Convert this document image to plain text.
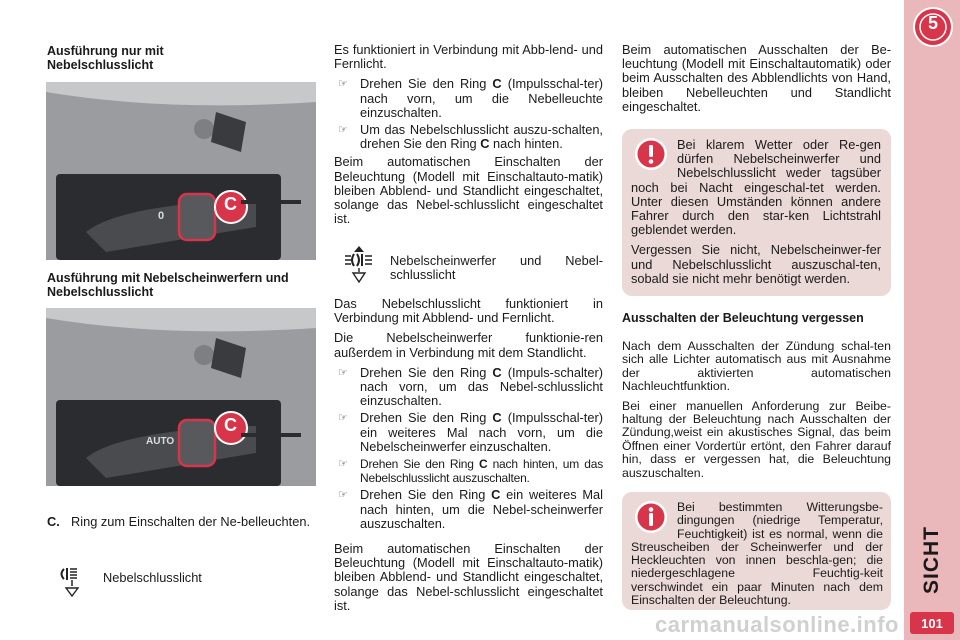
Ausführung nur mit Nebelschlusslicht
C
0
Ausführung mit Nebelscheinwerfern und Nebelschlusslicht
C
AUTO
C. Ring zum Einschalten der Ne-belleuchten.
Nebelschlusslicht

Es funktioniert in Verbindung mit Abb-lend- und Fernlicht.

☞ Drehen Sie den Ring C (Impulsschal-ter) nach vorn, um die Nebelleuchte einzuschalten.
☞ Um das Nebelschlusslicht auszu-schalten, drehen Sie den Ring C nach hinten.

Beim automatischen Einschalten der Beleuchtung (Modell mit Einschaltauto-matik) bleiben Abblend- und Standlicht eingeschaltet, solange das Nebel-schlusslicht eingeschaltet ist.

Nebelscheinwerfer und Nebel-schlusslicht

Das Nebelschlusslicht funktioniert in Verbindung mit Abblend- und Fernlicht.

Die Nebelscheinwerfer funktionie-ren außerdem in Verbindung mit dem Standlicht.

☞ Drehen Sie den Ring C (Impuls-schalter) nach vorn, um das Nebel-schlusslicht einzuschalten.
☞ Drehen Sie den Ring C (Impulsschal-ter) ein weiteres Mal nach vorn, um die Nebelscheinwerfer einzuschalten.
☞	Drehen Sie den Ring C nach hinten, um das Nebelschlusslicht auszuschalten.
☞ Drehen Sie den Ring C ein weiteres Mal nach hinten, um die Nebel-scheinwerfer auszuschalten.
Beim automatischen Einschalten der Beleuchtung (Modell mit Einschaltauto-matik) bleiben Abblend- und Standlicht eingeschaltet, solange das Nebel-schlusslicht eingeschaltet ist.
Beim automatischen Ausschalten der Be-leuchtung (Modell mit Einschaltautomatik) oder beim Ausschalten des Abblendlichts von Hand, bleiben Nebelleuchten und Standlicht eingeschaltet.

Bei klarem Wetter oder Re-gen dürfen Nebelscheinwerfer und Nebelschlusslicht weder tagsüber noch bei Nacht eingeschal-tet werden. Unter diesen Umständen können andere Fahrer durch den star-ken Lichtstrahl geblendet werden.

Vergessen Sie nicht, Nebelscheinwer-fer und Nebelschlusslicht auszuschal-ten, sobald sie nicht mehr benötigt werden.

Ausschalten der Beleuchtung vergessen

Nach dem Ausschalten der Zündung schal-ten sich alle Lichter automatisch aus mit Ausnahme der aktivierten automatischen Nachleuchtfunktion.

Bei einer manuellen Anforderung zur Beibe-haltung der Beleuchtung nach Ausschalten der Zündung,weist ein akustisches Signal, das beim Öffnen einer Vordertür ertönt, den Fahrer darauf hin, dass er vergessen hat, die Beleuchtung auszuschalten.

Bei bestimmten Witterungsbe-dingungen (niedrige Temperatur, Feuchtigkeit) ist es normal, wenn die Streuscheiben der Scheinwerfer und der Heckleuchten von innen beschla-gen; die niedergeschlagene Feuchtig-keit verschwindet ein paar Minuten nach dem Einschalten der Beleuchtung.
5
SICHT
101
carmanualsonline.info
